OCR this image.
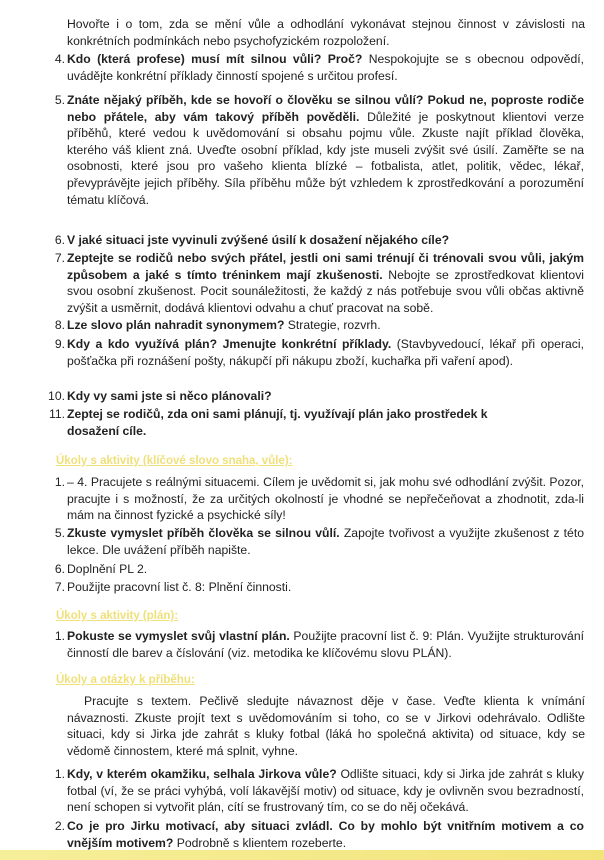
Hovořte i o tom, zda se mění vůle a odhodlání vykonávat stejnou činnost v závislosti na konkrétních podmínkách nebo psychofyzickém rozpoložení.
4. Kdo (která profese) musí mít silnou vůli? Proč? Nespokojujte se s obecnou odpovědí, uvádějte konkrétní příklady činností spojené s určitou profesí.
5. Znáte nějaký příběh, kde se hovoří o člověku se silnou vůlí? Pokud ne, poproste rodiče nebo přátele, aby vám takový příběh pověděli. Důležité je poskytnout klientovi verze příběhů, které vedou k uvědomování si obsahu pojmu vůle. Zkuste najít příklad člověka, kterého váš klient zná. Uveďte osobní příklad, kdy jste museli zvýšit své úsilí. Zaměřte se na osobnosti, které jsou pro vašeho klienta blízké – fotbalista, atlet, politik, vědec, lékař, převyprávějte jejich příběhy. Síla příběhu může být vzhledem k zprostředkování a porozumění tématu klíčová.
6. V jaké situaci jste vyvinuli zvýšené úsilí k dosažení nějakého cíle?
7. Zeptejte se rodičů nebo svých přátel, jestli oni sami trénují či trénovali svou vůli, jakým způsobem a jaké s tímto tréninkem mají zkušenosti. Nebojte se zprostředkovat klientovi svou osobní zkušenost. Pocit sounáležitosti, že každý z nás potřebuje svou vůli občas aktivně zvýšit a usměrnit, dodává klientovi odvahu a chuť pracovat na sobě.
8. Lze slovo plán nahradit synonymem? Strategie, rozvrh.
9. Kdy a kdo využívá plán? Jmenujte konkrétní příklady. (Stavbyvedoucí, lékař při operaci, pošťačka při roznášení pošty, nákupčí při nákupu zboží, kuchařka při vaření apod).
10. Kdy vy sami jste si něco plánovali?
11. Zeptej se rodičů, zda oni sami plánují, tj. využívají plán jako prostředek k dosažení cíle.
Úkoly s aktivity (klíčové slovo snaha, vůle):
1. – 4. Pracujete s reálnými situacemi. Cílem je uvědomit si, jak mohu své odhodlání zvýšit. Pozor, pracujte i s možností, že za určitých okolností je vhodné se nepřečeňovat a zhodnotit, zda-li mám na činnost fyzické a psychické síly!
5. Zkuste vymyslet příběh člověka se silnou vůlí. Zapojte tvořivost a využijte zkušenost z této lekce. Dle uvážení příběh napište.
6. Doplnění PL 2.
7. Použijte pracovní list č. 8: Plnění činnosti.
Úkoly s aktivity (plán):
1. Pokuste se vymyslet svůj vlastní plán. Použijte pracovní list č. 9: Plán. Využijte strukturování činností dle barev a číslování (viz. metodika ke klíčovému slovu PLÁN).
Úkoly a otázky k příběhu:
Pracujte s textem. Pečlivě sledujte návaznost děje v čase. Veďte klienta k vnímání návaznosti. Zkuste projít text s uvědomováním si toho, co se v Jirkovi odehrávalo. Odlište situaci, kdy si Jirka jde zahrát s kluky fotbal (láká ho společná aktivita) od situace, kdy se vědomě činnostem, které má splnit, vyhne.
1. Kdy, v kterém okamžiku, selhala Jirkova vůle? Odlište situaci, kdy si Jirka jde zahrát s kluky fotbal (ví, že se práci vyhýbá, volí lákavější motiv) od situace, kdy je ovlivněn svou bezradností, není schopen si vytvořit plán, cítí se frustrovaný tím, co se do něj očekává.
2. Co je pro Jirku motivací, aby situaci zvládl. Co by mohlo být vnitřním motivem a co vnějším motivem? Podrobně s klientem rozeberte.
